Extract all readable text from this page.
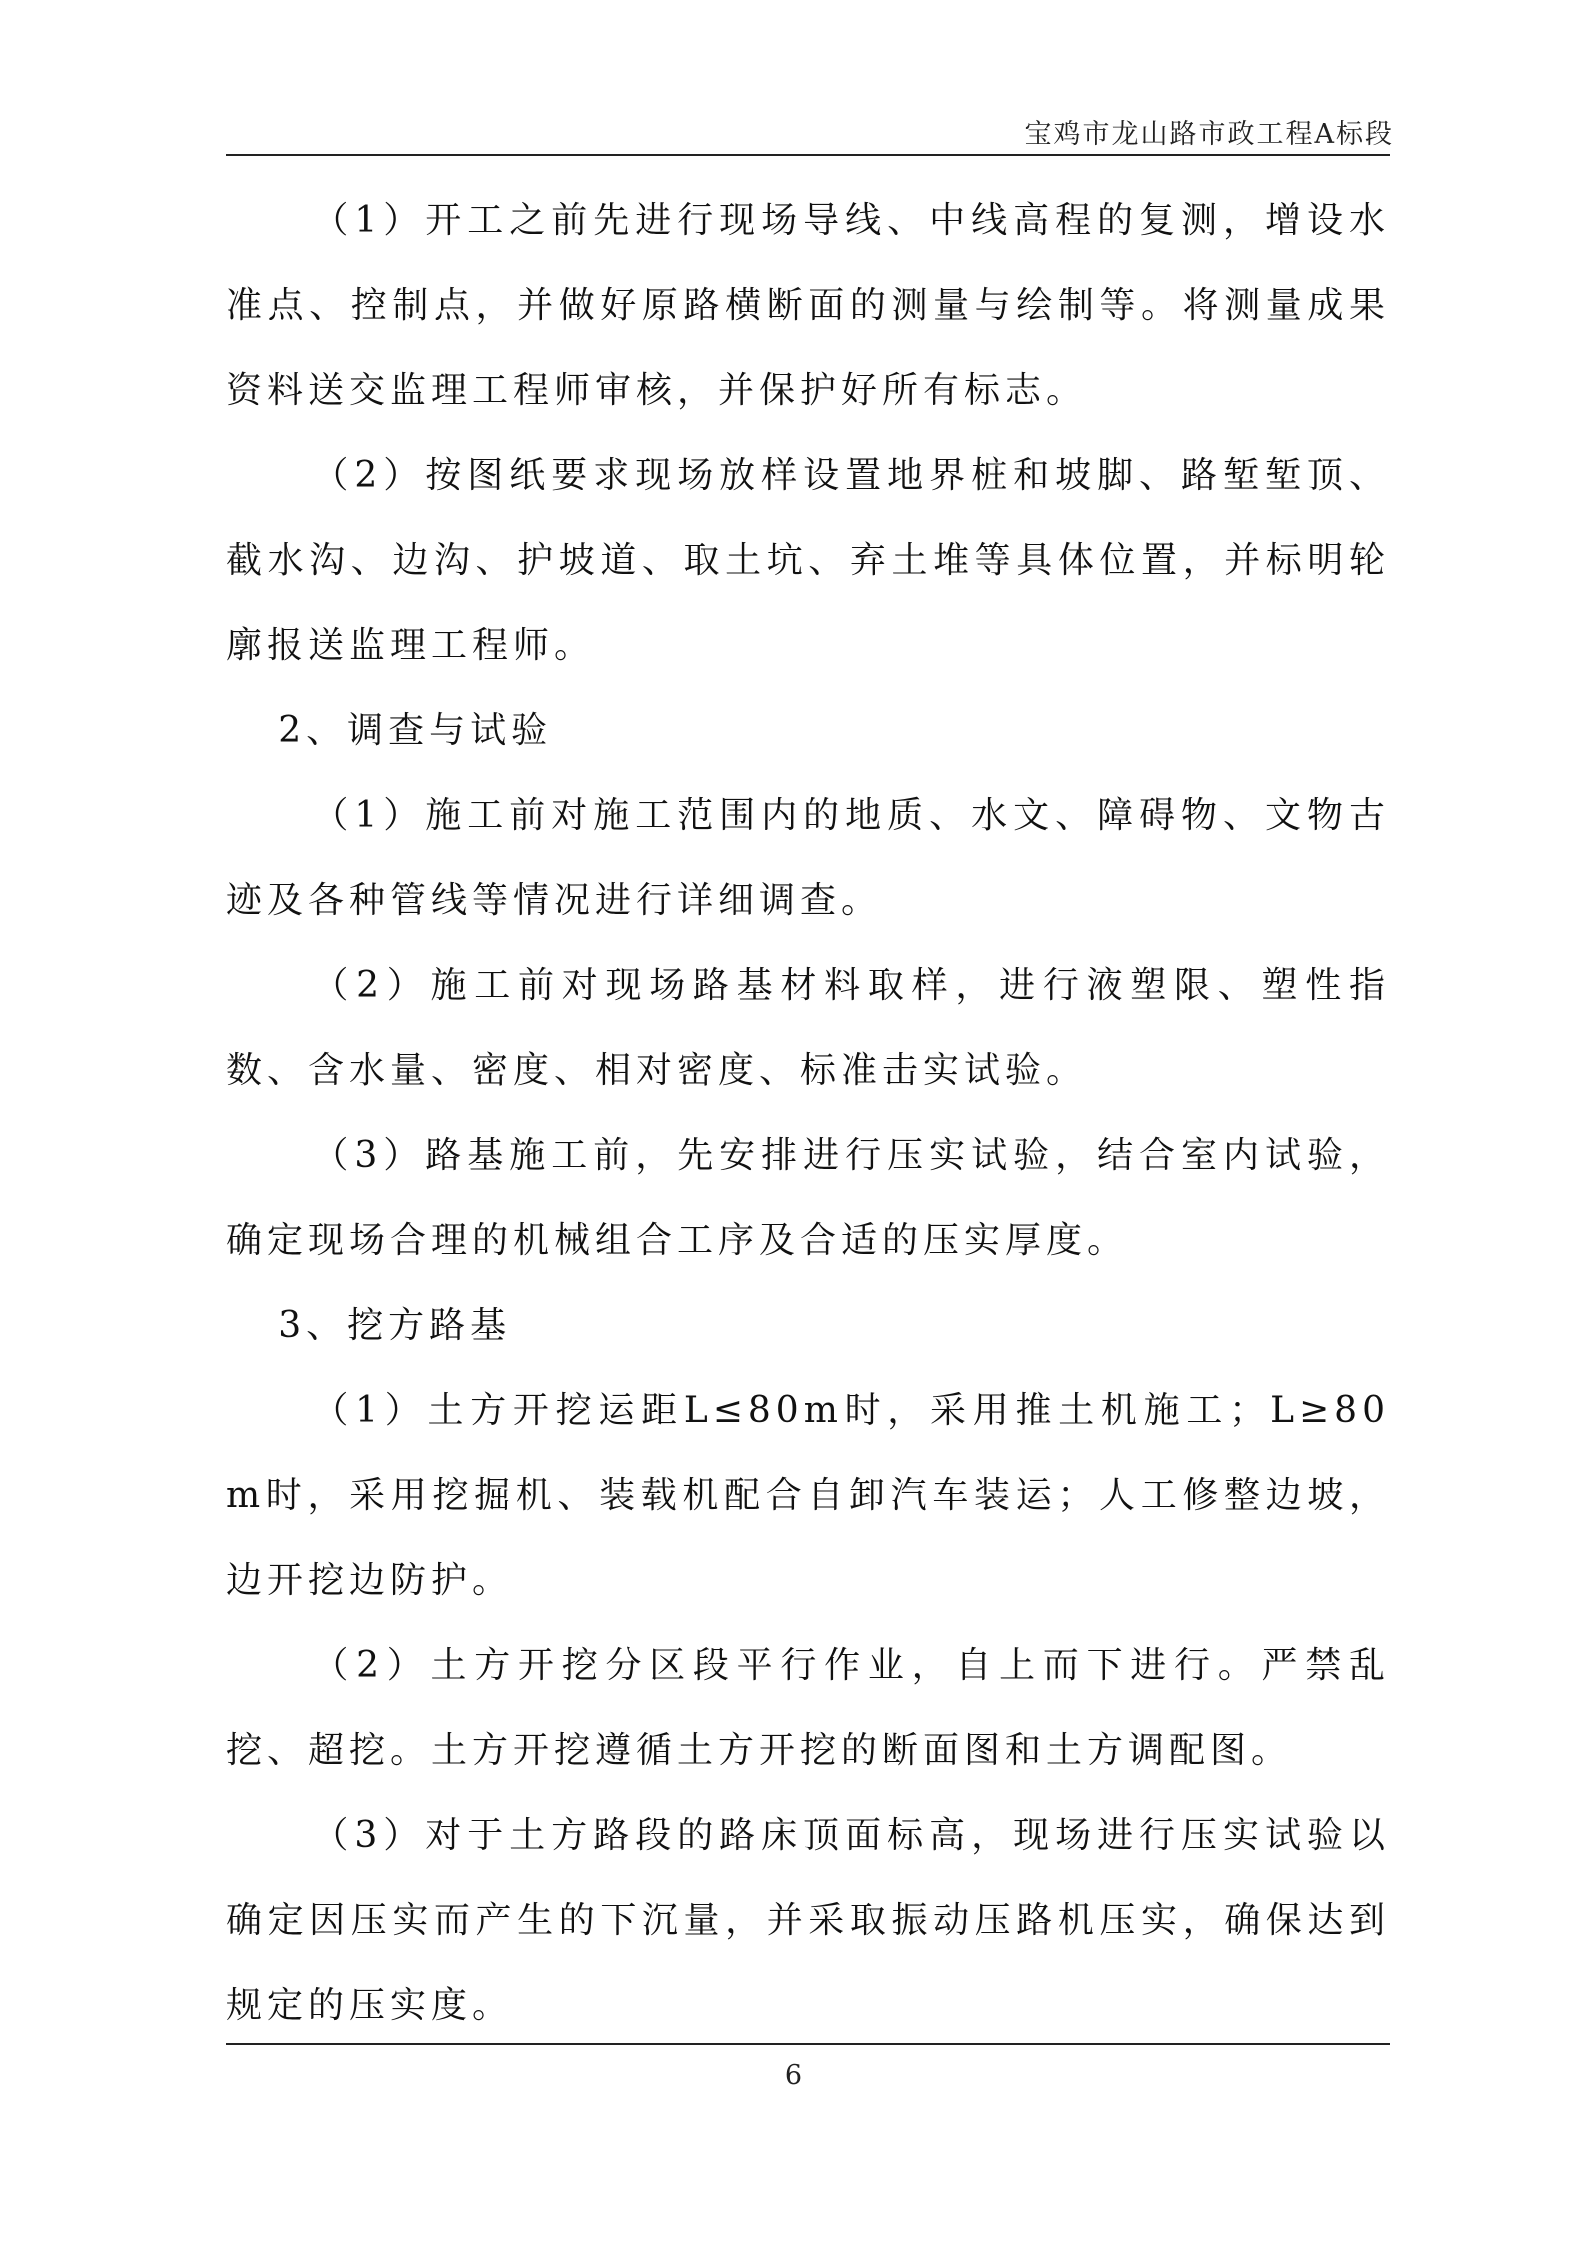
宝鸡市龙山路市政工程A标段

（1）开工之前先进行现场导线、中线高程的复测，增设水准点、控制点，并做好原路横断面的测量与绘制等。将测量成果资料送交监理工程师审核，并保护好所有标志。

（2）按图纸要求现场放样设置地界桩和坡脚、路堑堑顶、截水沟、边沟、护坡道、取土坑、弃土堆等具体位置，并标明轮廓报送监理工程师。

2、调查与试验

（1）施工前对施工范围内的地质、水文、障碍物、文物古迹及各种管线等情况进行详细调查。

（2）施工前对现场路基材料取样，进行液塑限、塑性指数、含水量、密度、相对密度、标准击实试验。

（3）路基施工前，先安排进行压实试验，结合室内试验，确定现场合理的机械组合工序及合适的压实厚度。

3、挖方路基

（1）土方开挖运距L≤80m时，采用推土机施工；L≥80m时，采用挖掘机、装载机配合自卸汽车装运；人工修整边坡，边开挖边防护。

（2）土方开挖分区段平行作业，自上而下进行。严禁乱挖、超挖。土方开挖遵循土方开挖的断面图和土方调配图。

（3）对于土方路段的路床顶面标高，现场进行压实试验以确定因压实而产生的下沉量，并采取振动压路机压实，确保达到规定的压实度。

6
